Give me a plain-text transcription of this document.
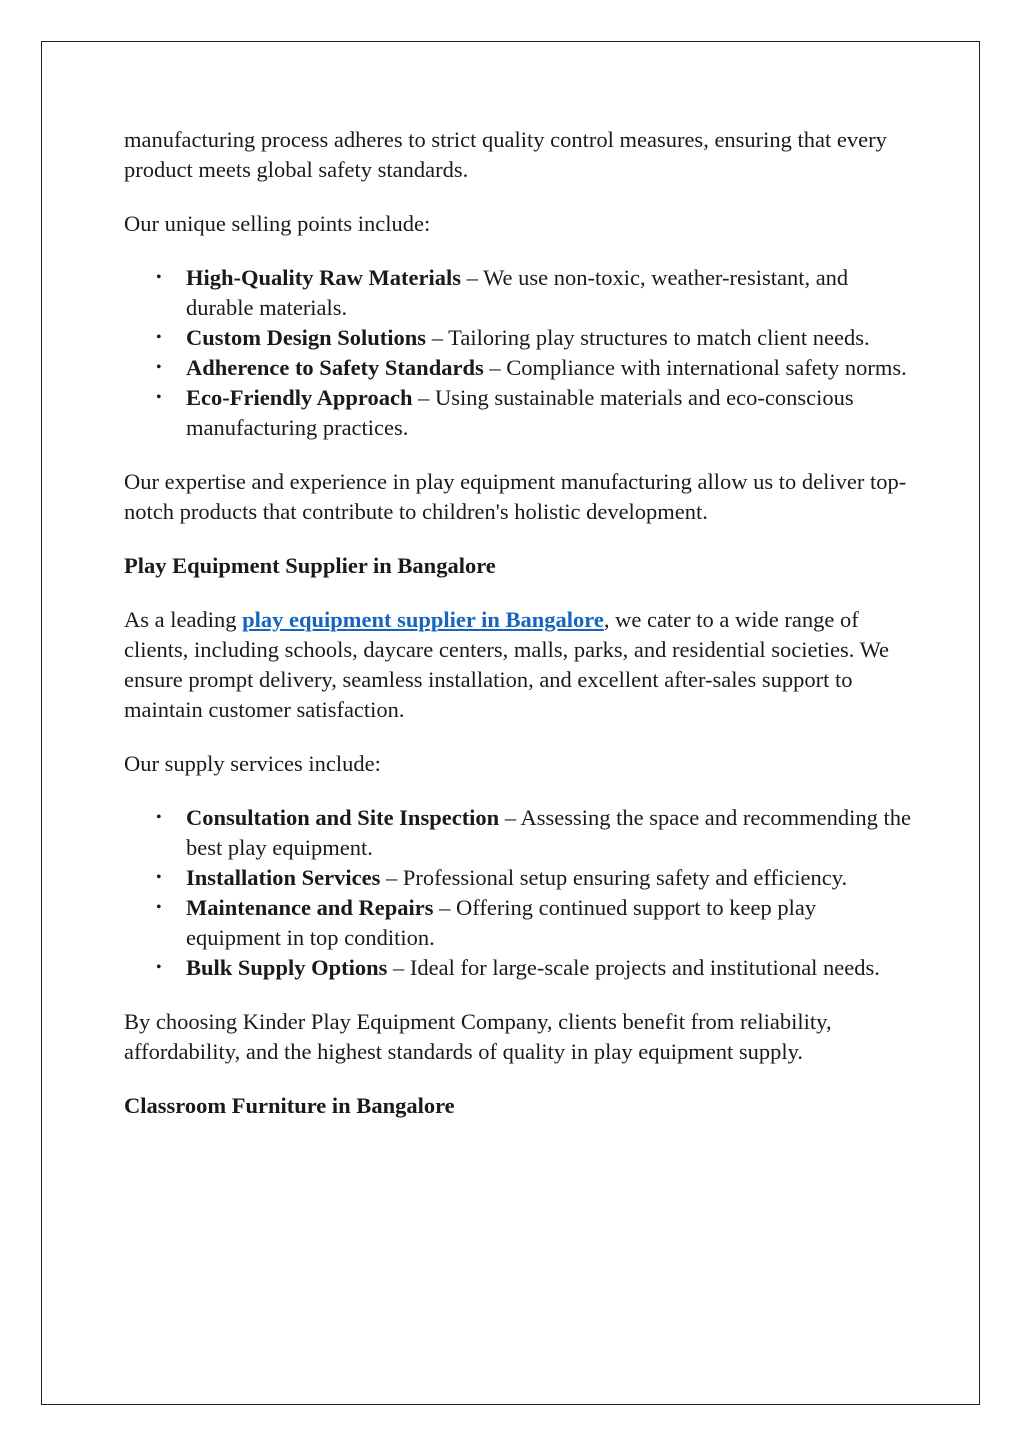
manufacturing process adheres to strict quality control measures, ensuring that every product meets global safety standards.

Our unique selling points include:

• High-Quality Raw Materials – We use non-toxic, weather-resistant, and durable materials.
• Custom Design Solutions – Tailoring play structures to match client needs.
• Adherence to Safety Standards – Compliance with international safety norms.
• Eco-Friendly Approach – Using sustainable materials and eco-conscious manufacturing practices.

Our expertise and experience in play equipment manufacturing allow us to deliver top-notch products that contribute to children's holistic development.

Play Equipment Supplier in Bangalore

As a leading play equipment supplier in Bangalore, we cater to a wide range of clients, including schools, daycare centers, malls, parks, and residential societies. We ensure prompt delivery, seamless installation, and excellent after-sales support to maintain customer satisfaction.

Our supply services include:

• Consultation and Site Inspection – Assessing the space and recommending the best play equipment.
• Installation Services – Professional setup ensuring safety and efficiency.
• Maintenance and Repairs – Offering continued support to keep play equipment in top condition.
• Bulk Supply Options – Ideal for large-scale projects and institutional needs.

By choosing Kinder Play Equipment Company, clients benefit from reliability, affordability, and the highest standards of quality in play equipment supply.

Classroom Furniture in Bangalore
